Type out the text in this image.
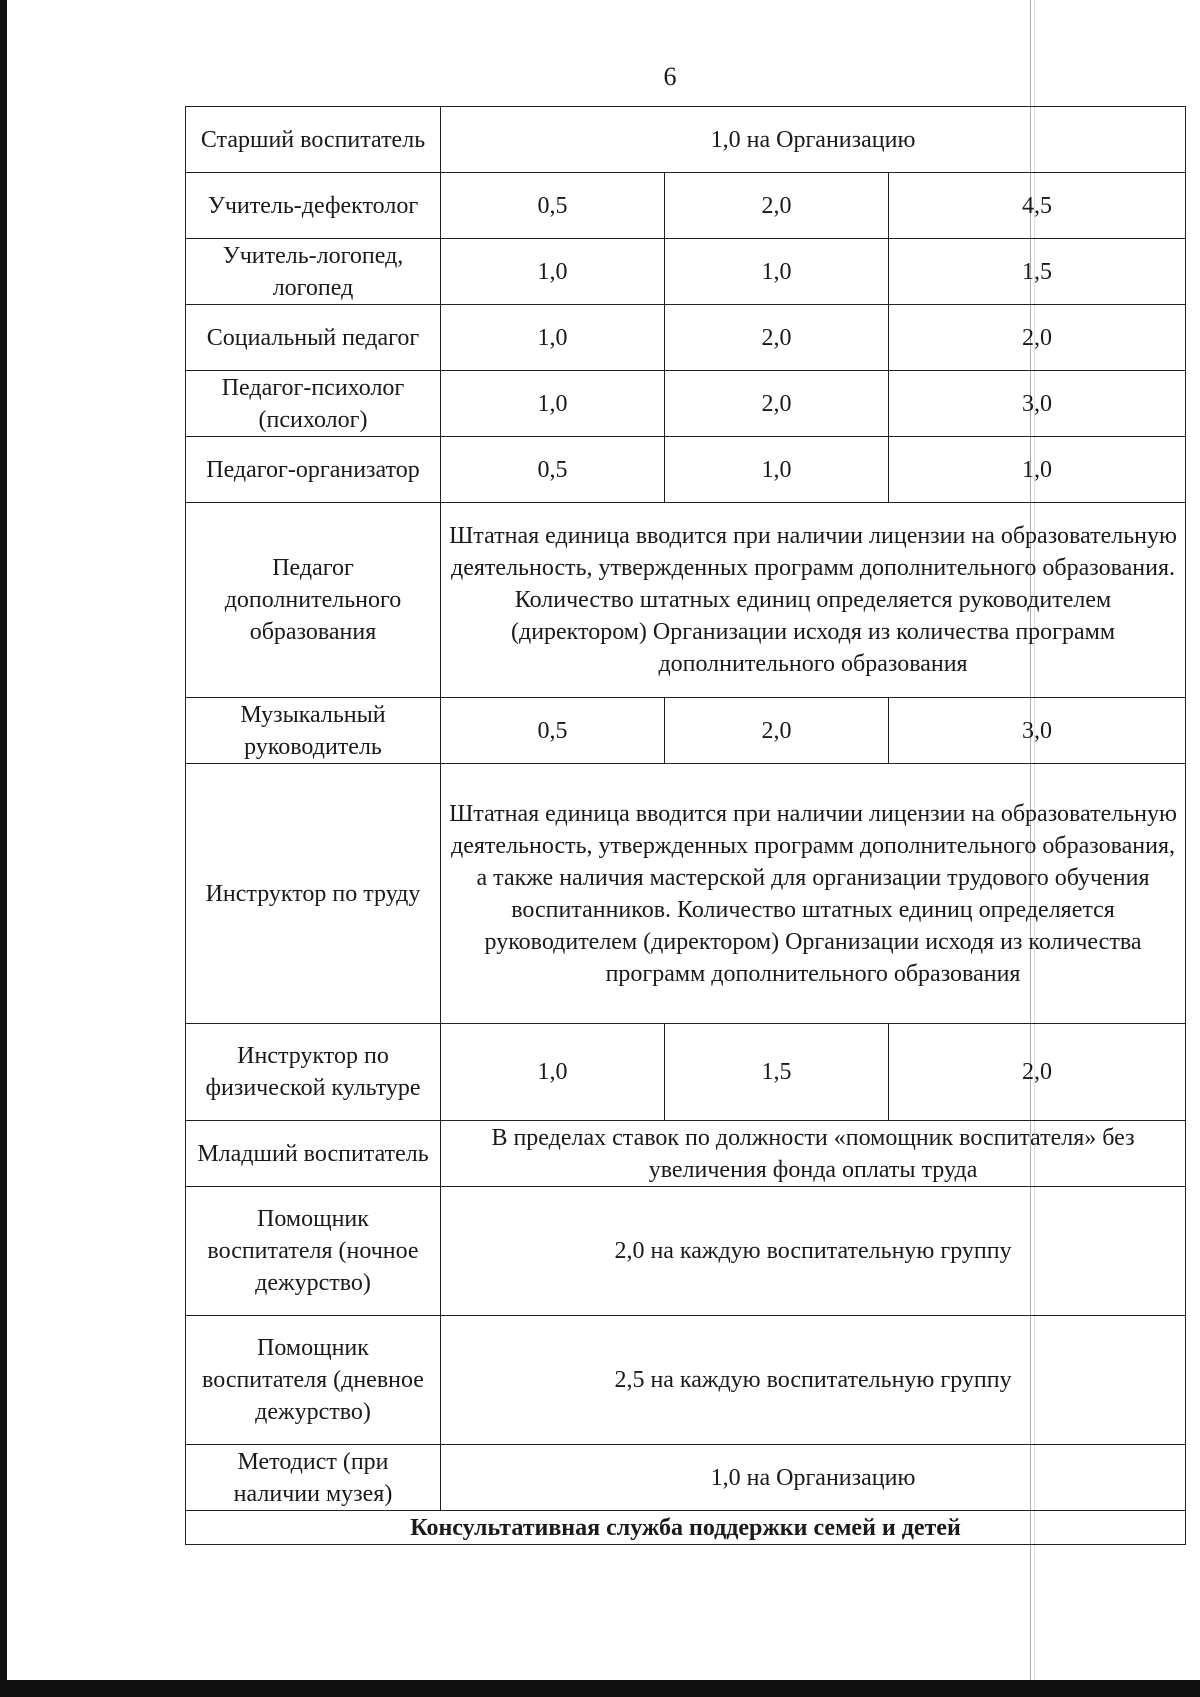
6
Старший воспитатель	1,0 на Организацию		
Учитель-дефектолог	0,5	2,0	4,5
Учитель-логопед, логопед	1,0	1,0	1,5
Социальный педагог	1,0	2,0	2,0
Педагог-психолог (психолог)	1,0	2,0	3,0
Педагог-организатор	0,5	1,0	1,0
Педагог дополнительного образования	Штатная единица вводится при наличии лицензии на образовательную деятельность, утвержденных программ дополнительного образования. Количество штатных единиц определяется руководителем (директором) Организации исходя из количества программ дополнительного образования		
Музыкальный руководитель	0,5	2,0	3,0
Инструктор по труду	Штатная единица вводится при наличии лицензии на образовательную деятельность, утвержденных программ дополнительного образования, а также наличия мастерской для организации трудового обучения воспитанников. Количество штатных единиц определяется руководителем (директором) Организации исходя из количества программ дополнительного образования		
Инструктор по физической культуре	1,0	1,5	2,0
Младший воспитатель	В пределах ставок по должности «помощник воспитателя» без увеличения фонда оплаты труда		
Помощник воспитателя (ночное дежурство)	2,0 на каждую воспитательную группу		
Помощник воспитателя (дневное дежурство)	2,5 на каждую воспитательную группу		
Методист (при наличии музея)	1,0 на Организацию		
Консультативная служба поддержки семей и детей			
